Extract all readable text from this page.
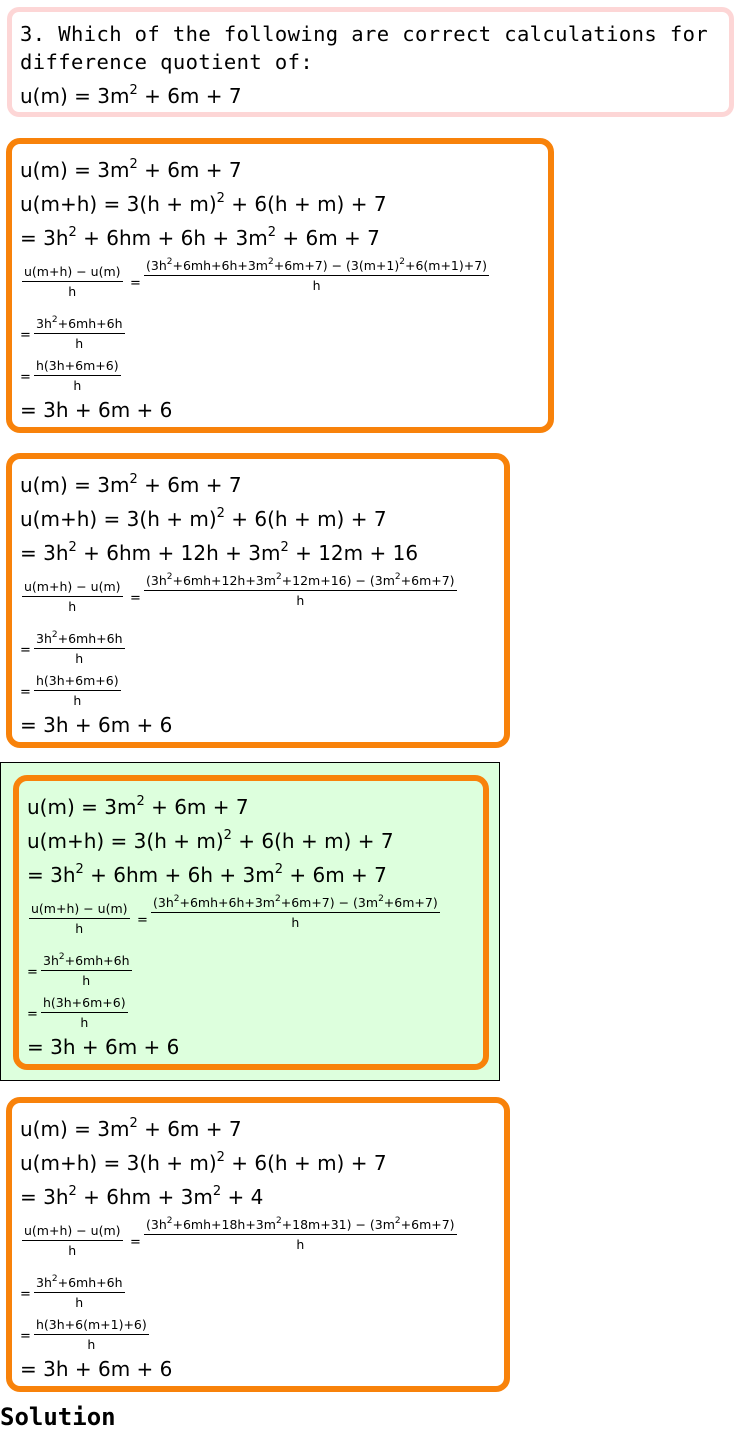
3. Which of the following are correct calculations for
difference quotient of:
$u(m) = 3m^2 + 6m + 7$
$u(m) = 3m^2 + 6m + 7$
$u(m+h) = 3(h + m)^2 + 6(h + m) + 7$
= $3h^2 + 6hm + 6h + 3m^2 + 6m + 7$
= 3h + 6m + 6
$\frac{u(m+h) - u(m)}{h} = \frac{(3h^2+6mh+6h+3m^2+6m+7) - (3(m+1)^2+6(m+1)+7)}{h}$
= $\frac{3h^2+6mh+6h}{h}$
= $\frac{h(3h+6m+6)}{h}$
$u(m) = 3m^2 + 6m + 7$
$u(m+h) = 3(h + m)^2 + 6(h + m) + 7$
= $3h^2 + 6hm + 12h + 3m^2 + 12m + 16$
= 3h + 6m + 6
$\frac{u(m+h) - u(m)}{h} = \frac{(3h^2+6mh+12h+3m^2+12m+16) - (3m^2+6m+7)}{h}$
= $\frac{3h^2+6mh+6h}{h}$
= $\frac{h(3h+6m+6)}{h}$
$u(m) = 3m^2 + 6m + 7$
$u(m+h) = 3(h + m)^2 + 6(h + m) + 7$
= $3h^2 + 6hm + 6h + 3m^2 + 6m + 7$
= 3h + 6m + 6
$\frac{u(m+h) - u(m)}{h} = \frac{(3h^2+6mh+6h+3m^2+6m+7) - (3m^2+6m+7)}{h}$
= $\frac{3h^2+6mh+6h}{h}$
= $\frac{h(3h+6m+6)}{h}$
$u(m) = 3m^2 + 6m + 7$
$u(m+h) = 3(h + m)^2 + 6(h + m) + 7$
= $3h^2 + 6hm + 3m^2 + 4$
= 3h + 6m + 6
$\frac{u(m+h) - u(m)}{h} = \frac{(3h^2+6mh+18h+3m^2+18m+31) - (3m^2+6m+7)}{h}$
= $\frac{3h^2+6mh+6h}{h}$
= $\frac{h(3h+6(m+1)+6)}{h}$
Solution
